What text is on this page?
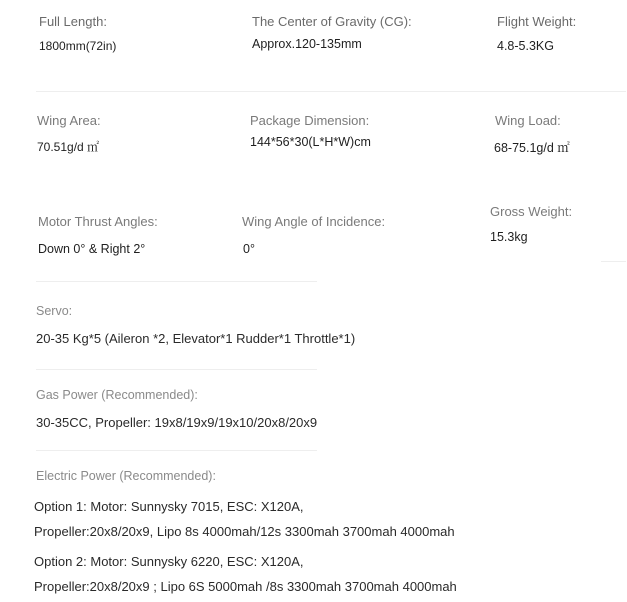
Full Length:
1800mm(72in)
The Center of Gravity (CG):
Approx.120-135mm
Flight Weight:
4.8-5.3KG
Wing Area:
70.51g/d ㎡
Package Dimension:
144*56*30(L*H*W)cm
Wing Load:
68-75.1g/d ㎡
Motor Thrust Angles:
Down 0° & Right 2°
Wing Angle of Incidence:
0°
Gross Weight:
15.3kg
Servo:
20-35 Kg*5 (Aileron *2, Elevator*1 Rudder*1 Throttle*1)
Gas Power (Recommended):
30-35CC, Propeller: 19x8/19x9/19x10/20x8/20x9
Electric Power (Recommended):
Option 1: Motor: Sunnysky 7015, ESC: X120A,
Propeller:20x8/20x9, Lipo 8s 4000mah/12s 3300mah 3700mah 4000mah
Option 2: Motor: Sunnysky 6220, ESC: X120A,
Propeller:20x8/20x9 ; Lipo 6S 5000mah /8s 3300mah 3700mah 4000mah
